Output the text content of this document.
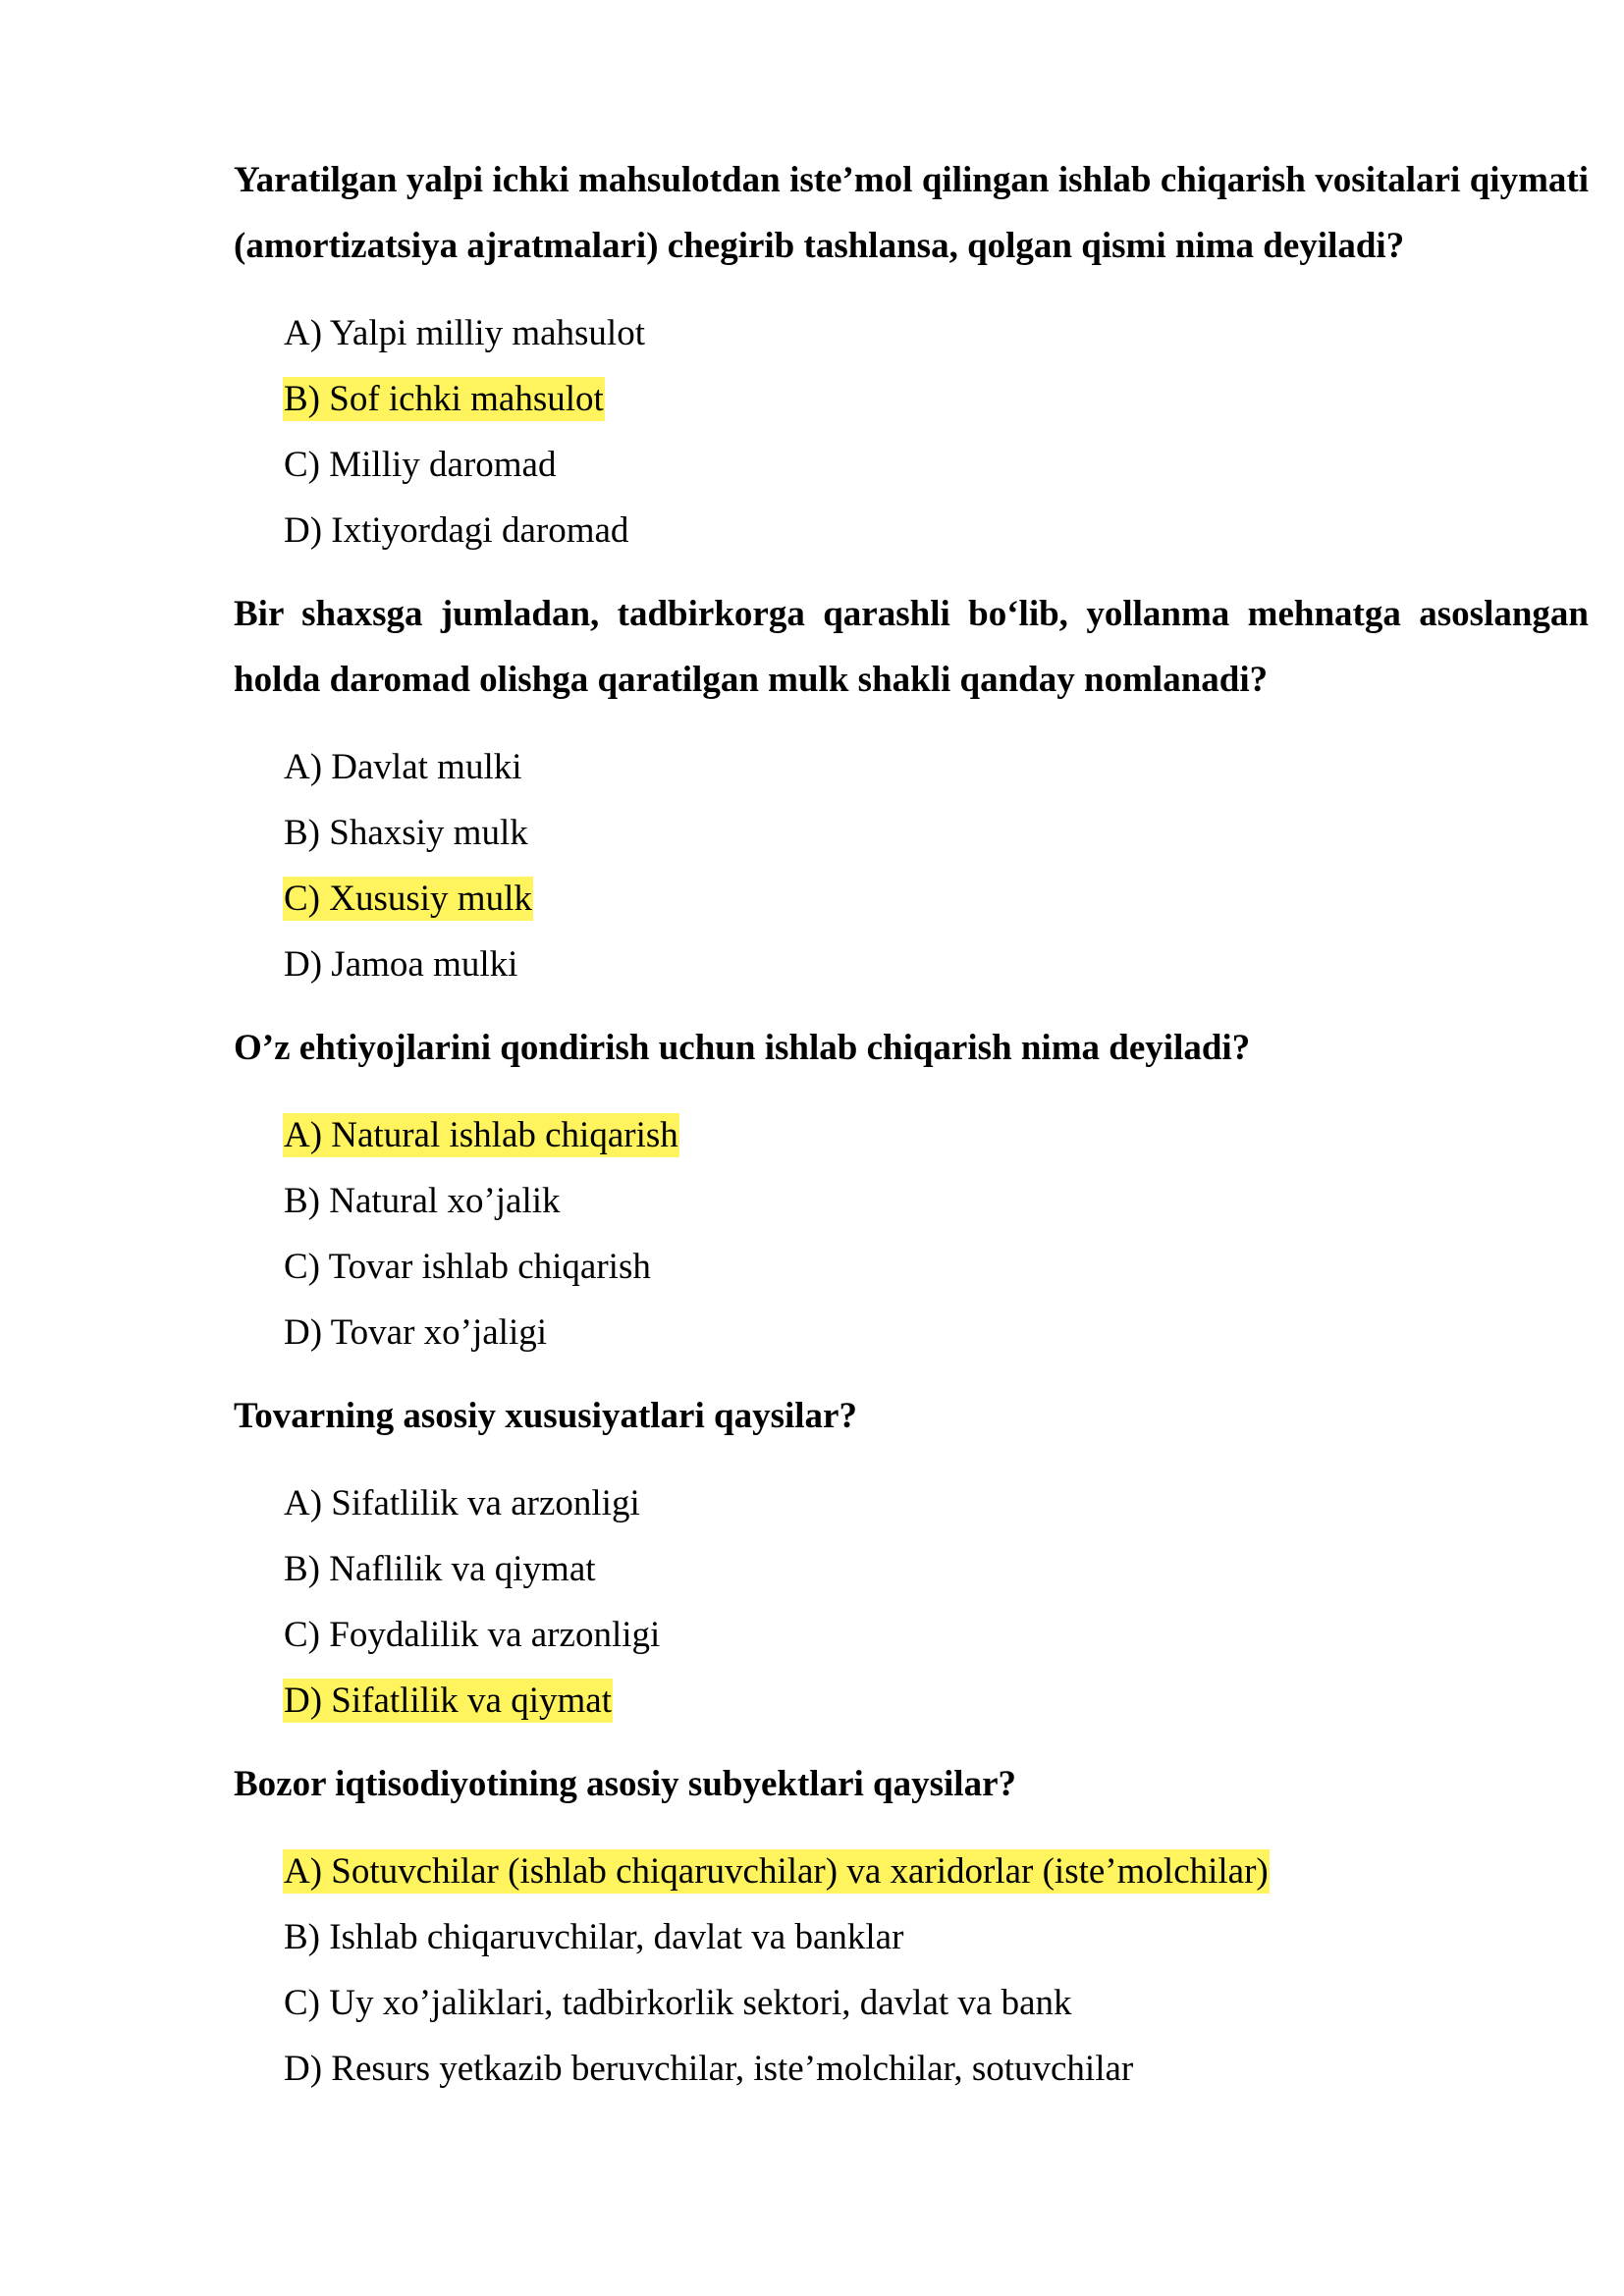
Yaratilgan yalpi ichki mahsulotdan iste’mol qilingan ishlab chiqarish vositalari qiymati (amortizatsiya ajratmalari) chegirib tashlansa, qolgan qismi nima deyiladi?

A) Yalpi milliy mahsulot
B) Sof ichki mahsulot
C) Milliy daromad
D) Ixtiyordagi daromad

Bir shaxsga jumladan, tadbirkorga qarashli bo‘lib, yollanma mehnatga asoslangan holda daromad olishga qaratilgan mulk shakli qanday nomlanadi?

A) Davlat mulki
B) Shaxsiy mulk
C) Xususiy mulk
D) Jamoa mulki

O’z ehtiyojlarini qondirish uchun ishlab chiqarish nima deyiladi?

A) Natural ishlab chiqarish
B) Natural xo’jalik
C) Tovar ishlab chiqarish
D) Tovar xo’jaligi

Tovarning asosiy xususiyatlari qaysilar?

A) Sifatlilik va arzonligi
B) Naflilik va qiymat
C) Foydalilik va arzonligi
D) Sifatlilik va qiymat

Bozor iqtisodiyotining asosiy subyektlari qaysilar?

A) Sotuvchilar (ishlab chiqaruvchilar) va xaridorlar (iste’molchilar)
B) Ishlab chiqaruvchilar, davlat va banklar
C) Uy xo’jaliklari, tadbirkorlik sektori, davlat va bank
D) Resurs yetkazib beruvchilar, iste’molchilar, sotuvchilar
